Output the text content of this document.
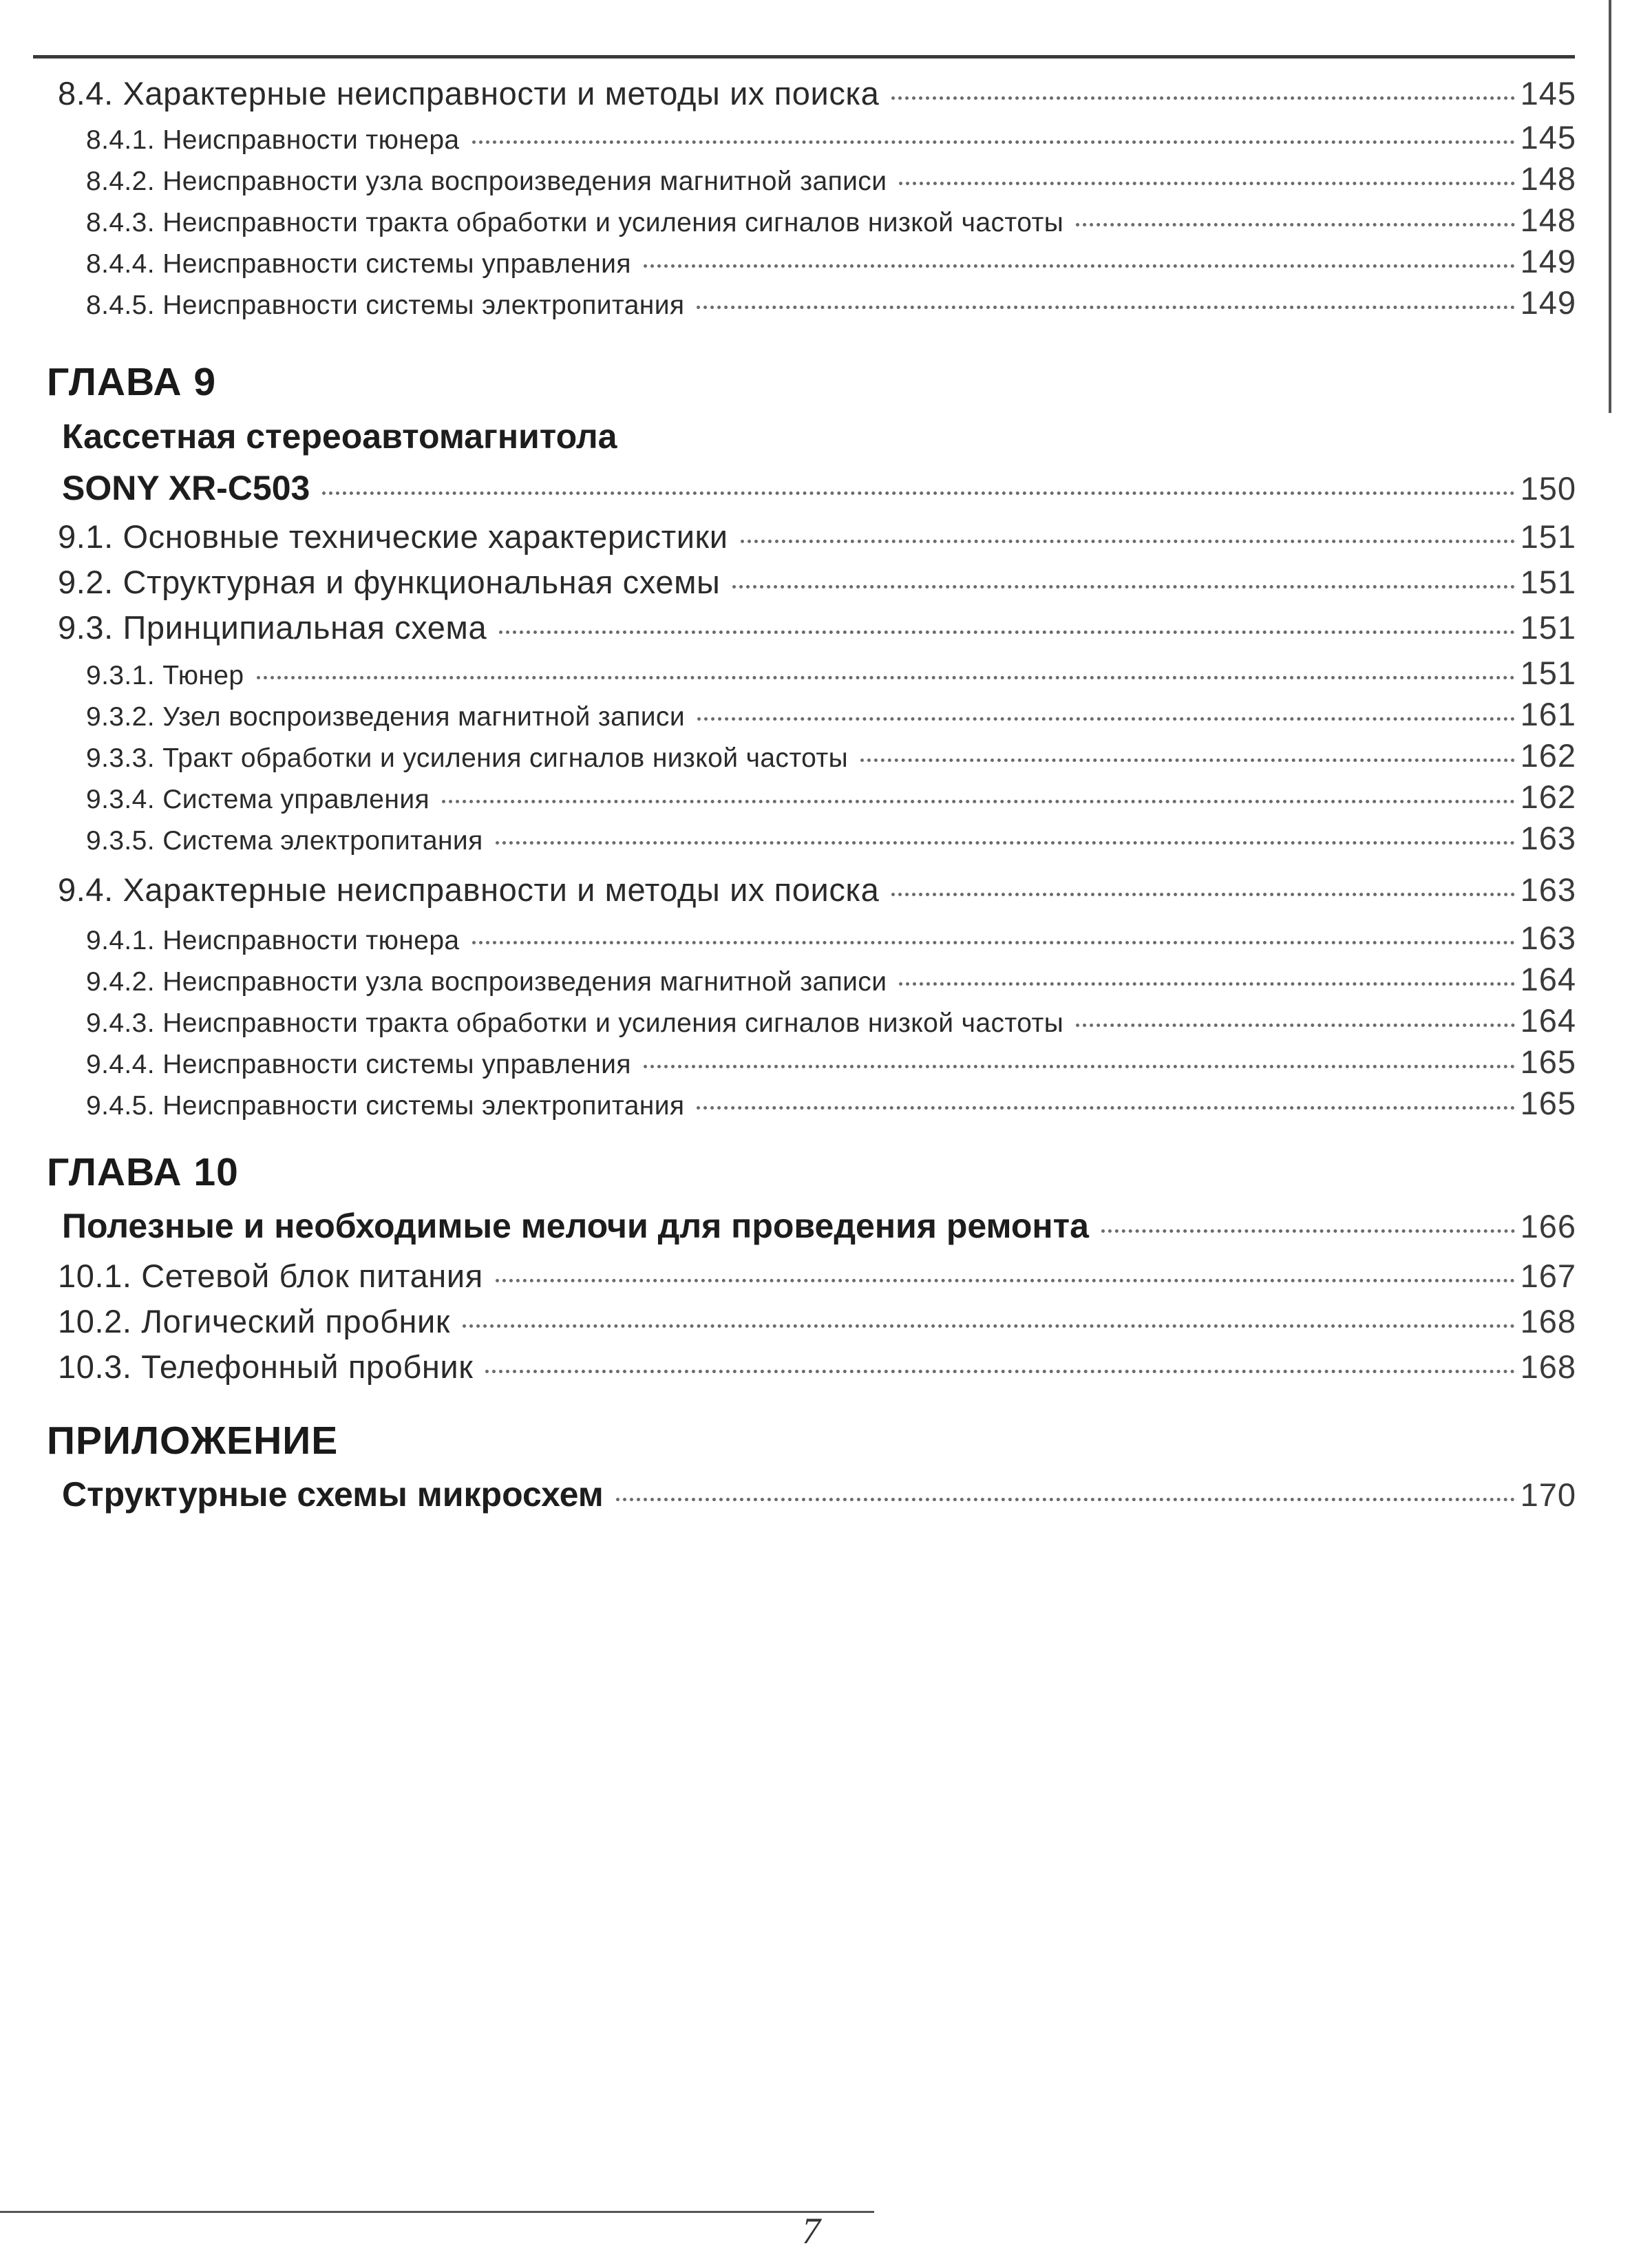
8.4. Характерные неисправности и методы их поиска	145
8.4.1. Неисправности тюнера	145
8.4.2. Неисправности узла воспроизведения магнитной записи	148
8.4.3. Неисправности тракта обработки и усиления сигналов низкой частоты	148
8.4.4. Неисправности системы управления	149
8.4.5. Неисправности системы электропитания	149
ГЛАВА 9
Кассетная стереоавтомагнитола
SONY XR-C503	150
9.1. Основные технические характеристики	151
9.2. Структурная и функциональная схемы	151
9.3. Принципиальная схема	151
9.3.1. Тюнер	151
9.3.2. Узел воспроизведения магнитной записи	161
9.3.3. Тракт обработки и усиления сигналов низкой частоты	162
9.3.4. Система управления	162
9.3.5. Система электропитания	163
9.4. Характерные неисправности и методы их поиска	163
9.4.1. Неисправности тюнера	163
9.4.2. Неисправности узла воспроизведения магнитной записи	164
9.4.3. Неисправности тракта обработки и усиления сигналов низкой частоты	164
9.4.4. Неисправности системы управления	165
9.4.5. Неисправности системы электропитания	165
ГЛАВА 10
Полезные и необходимые мелочи для проведения ремонта	166
10.1. Сетевой блок питания	167
10.2. Логический пробник	168
10.3. Телефонный пробник	168
ПРИЛОЖЕНИЕ
Структурные схемы микросхем	170
7
